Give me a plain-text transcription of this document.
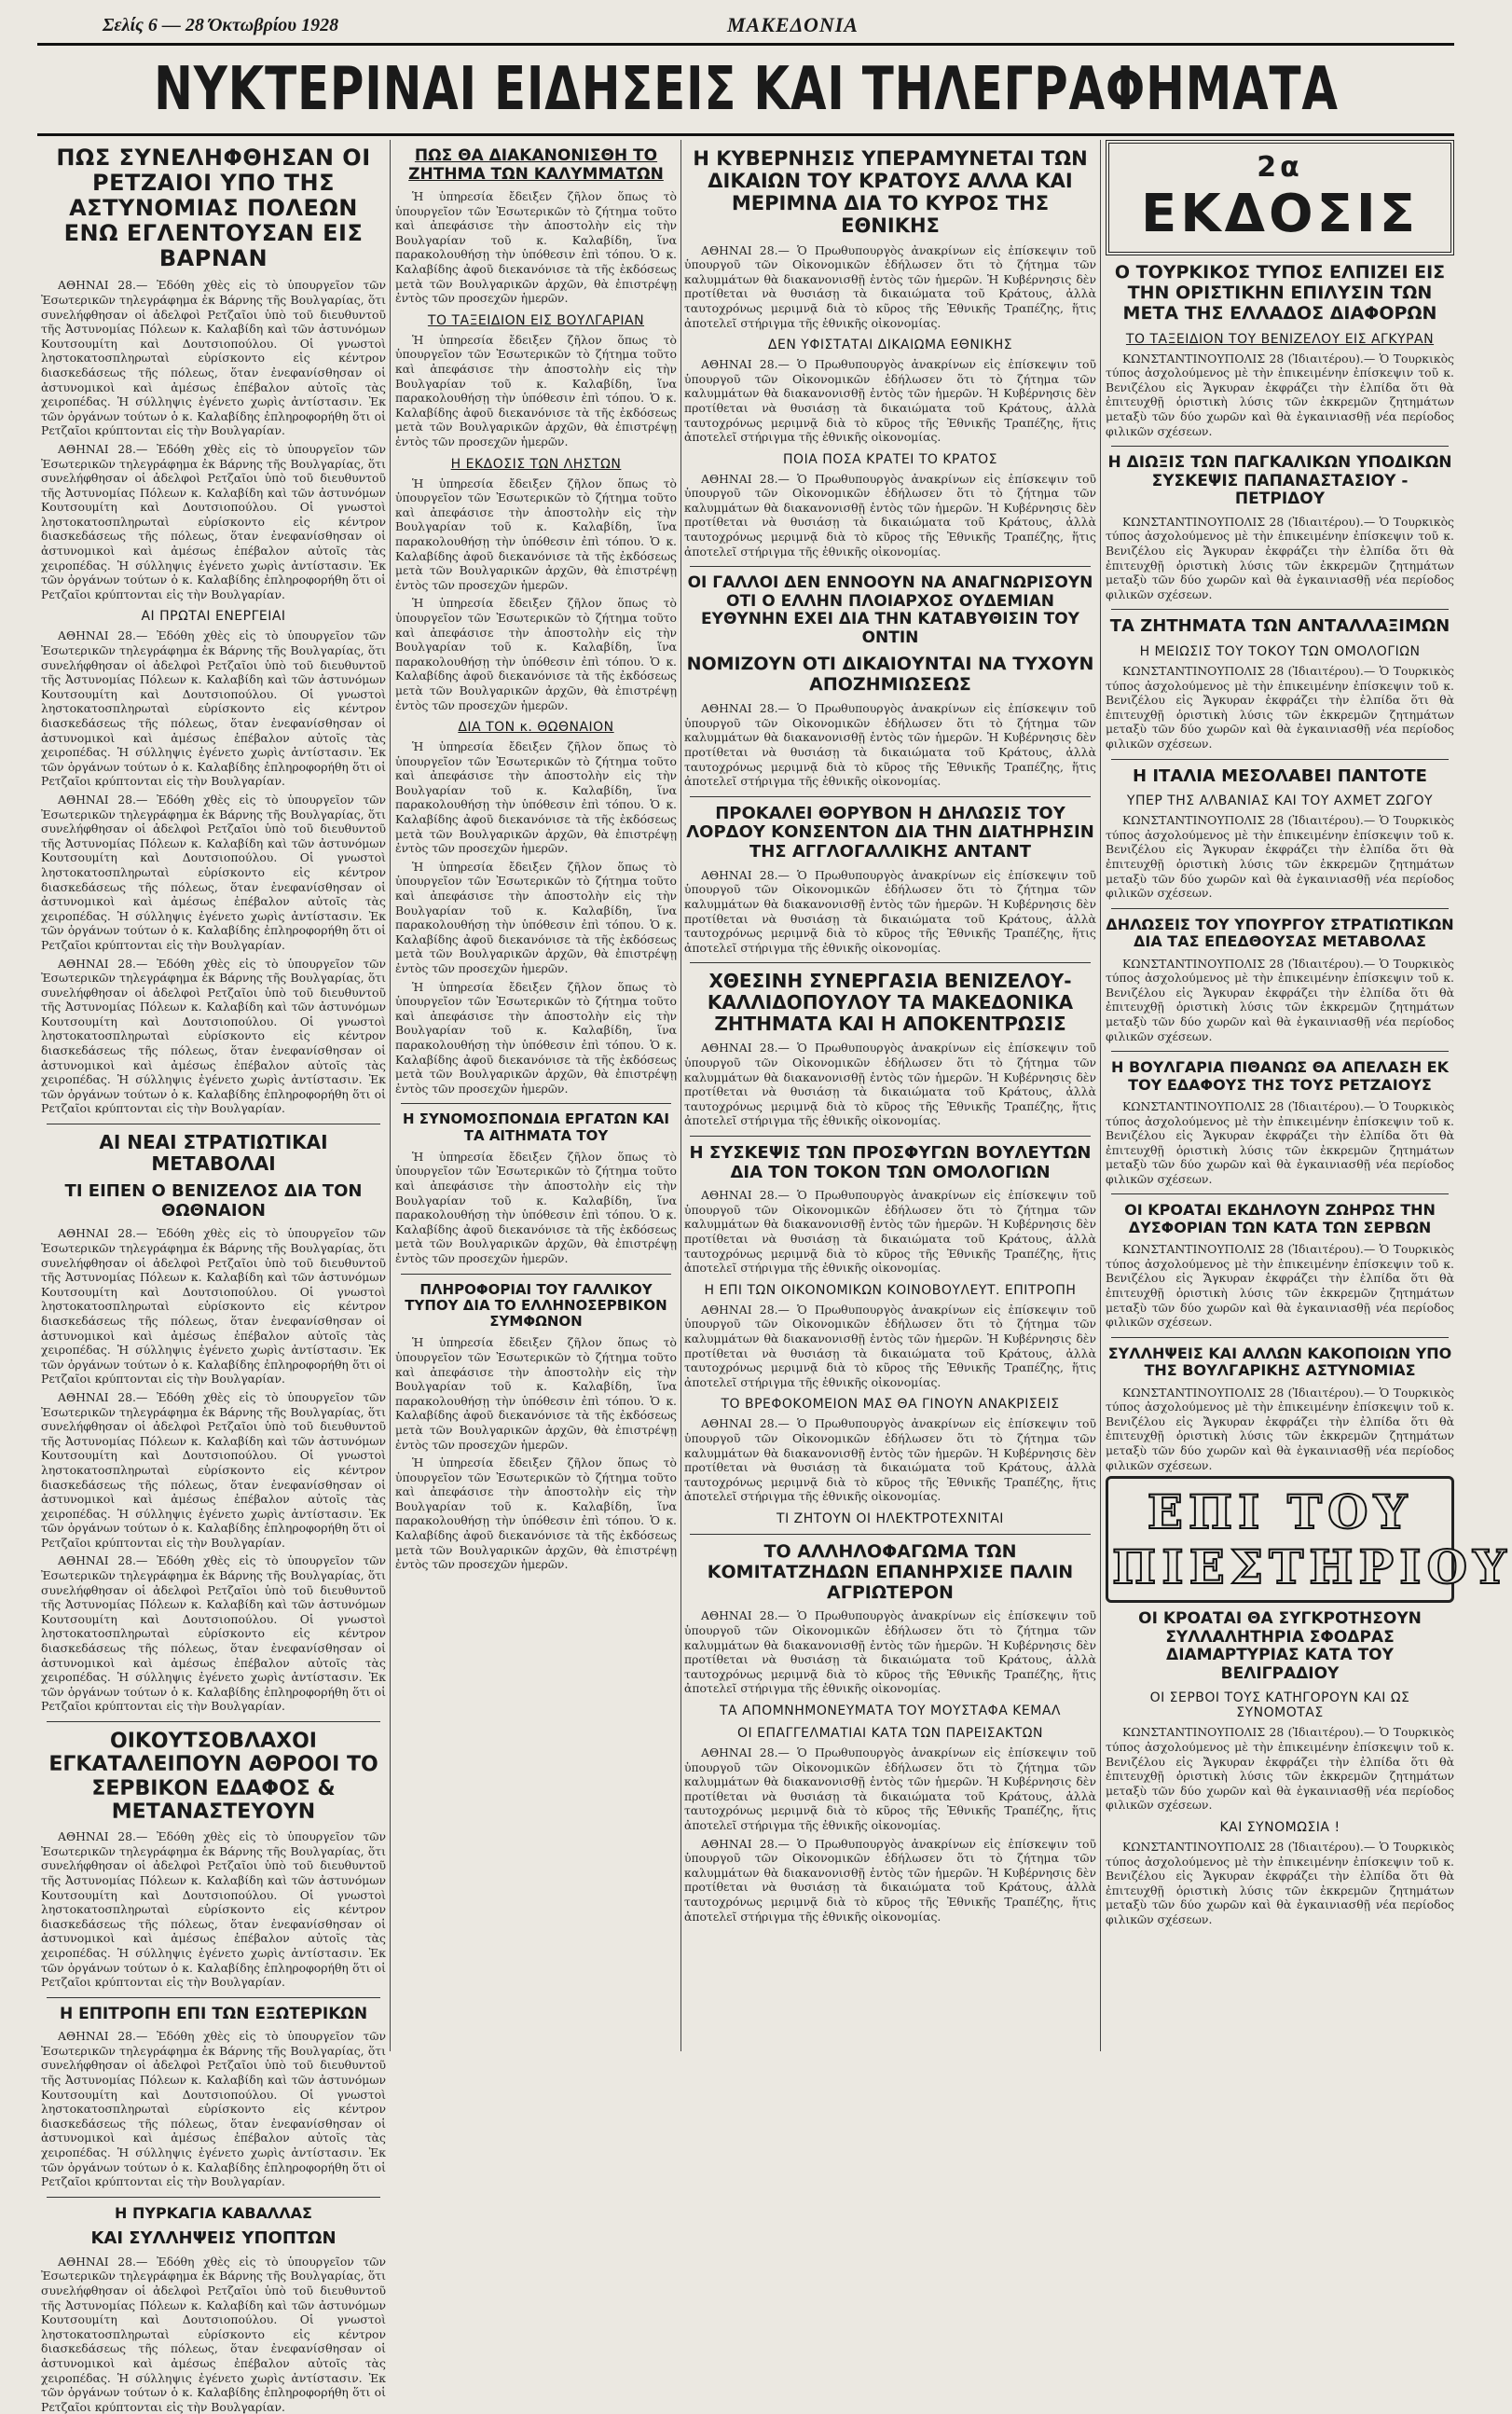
Σελίς 6 — 28 Όκτωβρίου 1928	ΜΑΚΕΔΟΝΙΑ
ΝΥΚΤΕΡΙΝΑΙ ΕΙΔΗΣΕΙΣ ΚΑΙ ΤΗΛΕΓΡΑΦΗΜΑΤΑ
ΠΩΣ ΣΥΝΕΛΗΦΘΗΣΑΝ ΟΙ ΡΕΤΖΑΙΟΙ ΥΠΟ ΤΗΣ ΑΣΤΥΝΟΜΙΑΣ ΠΟΛΕΩΝ ΕΝΩ ΕΓΛΕΝΤΟΥΣΑΝ ΕΙΣ ΒΑΡΝΑΝ

ΑΘΗΝΑΙ 28.— Ἐδόθη χθὲς εἰς τὸ ὑπουργεῖον τῶν Ἐσωτερικῶν τηλεγράφημα ἐκ Βάρνης τῆς Βουλγαρίας, ὅτι συνελήφθησαν οἱ ἀδελφοὶ Ρετζαῖοι ὑπὸ τοῦ διευθυντοῦ τῆς Ἀστυνομίας Πόλεων κ. Καλαβίδη καὶ τῶν ἀστυνόμων Κουτσουμίτη καὶ Δουτσιοπούλου. Οἱ γνωστοὶ ληστοκατοσπληρωταὶ εὑρίσκοντο εἰς κέντρον διασκεδάσεως τῆς πόλεως, ὅταν ἐνεφανίσθησαν οἱ ἀστυνομικοὶ καὶ ἀμέσως ἐπέβαλον αὐτοῖς τὰς χειροπέδας. Ἡ σύλληψις ἐγένετο χωρὶς ἀντίστασιν. Ἐκ τῶν ὀργάνων τούτων ὁ κ. Καλαβίδης ἐπληροφορήθη ὅτι οἱ Ρετζαῖοι κρύπτονται εἰς τὴν Βουλγαρίαν.

ΑΘΗΝΑΙ 28.— Ἐδόθη χθὲς εἰς τὸ ὑπουργεῖον τῶν Ἐσωτερικῶν τηλεγράφημα ἐκ Βάρνης τῆς Βουλγαρίας, ὅτι συνελήφθησαν οἱ ἀδελφοὶ Ρετζαῖοι ὑπὸ τοῦ διευθυντοῦ τῆς Ἀστυνομίας Πόλεων κ. Καλαβίδη καὶ τῶν ἀστυνόμων Κουτσουμίτη καὶ Δουτσιοπούλου. Οἱ γνωστοὶ ληστοκατοσπληρωταὶ εὑρίσκοντο εἰς κέντρον διασκεδάσεως τῆς πόλεως, ὅταν ἐνεφανίσθησαν οἱ ἀστυνομικοὶ καὶ ἀμέσως ἐπέβαλον αὐτοῖς τὰς χειροπέδας. Ἡ σύλληψις ἐγένετο χωρὶς ἀντίστασιν. Ἐκ τῶν ὀργάνων τούτων ὁ κ. Καλαβίδης ἐπληροφορήθη ὅτι οἱ Ρετζαῖοι κρύπτονται εἰς τὴν Βουλγαρίαν.

ΑΙ ΠΡΩΤΑΙ ΕΝΕΡΓΕΙΑΙ

ΑΘΗΝΑΙ 28.— Ἐδόθη χθὲς εἰς τὸ ὑπουργεῖον τῶν Ἐσωτερικῶν τηλεγράφημα ἐκ Βάρνης τῆς Βουλγαρίας, ὅτι συνελήφθησαν οἱ ἀδελφοὶ Ρετζαῖοι ὑπὸ τοῦ διευθυντοῦ τῆς Ἀστυνομίας Πόλεων κ. Καλαβίδη καὶ τῶν ἀστυνόμων Κουτσουμίτη καὶ Δουτσιοπούλου. Οἱ γνωστοὶ ληστοκατοσπληρωταὶ εὑρίσκοντο εἰς κέντρον διασκεδάσεως τῆς πόλεως, ὅταν ἐνεφανίσθησαν οἱ ἀστυνομικοὶ καὶ ἀμέσως ἐπέβαλον αὐτοῖς τὰς χειροπέδας. Ἡ σύλληψις ἐγένετο χωρὶς ἀντίστασιν. Ἐκ τῶν ὀργάνων τούτων ὁ κ. Καλαβίδης ἐπληροφορήθη ὅτι οἱ Ρετζαῖοι κρύπτονται εἰς τὴν Βουλγαρίαν.

ΑΘΗΝΑΙ 28.— Ἐδόθη χθὲς εἰς τὸ ὑπουργεῖον τῶν Ἐσωτερικῶν τηλεγράφημα ἐκ Βάρνης τῆς Βουλγαρίας, ὅτι συνελήφθησαν οἱ ἀδελφοὶ Ρετζαῖοι ὑπὸ τοῦ διευθυντοῦ τῆς Ἀστυνομίας Πόλεων κ. Καλαβίδη καὶ τῶν ἀστυνόμων Κουτσουμίτη καὶ Δουτσιοπούλου. Οἱ γνωστοὶ ληστοκατοσπληρωταὶ εὑρίσκοντο εἰς κέντρον διασκεδάσεως τῆς πόλεως, ὅταν ἐνεφανίσθησαν οἱ ἀστυνομικοὶ καὶ ἀμέσως ἐπέβαλον αὐτοῖς τὰς χειροπέδας. Ἡ σύλληψις ἐγένετο χωρὶς ἀντίστασιν. Ἐκ τῶν ὀργάνων τούτων ὁ κ. Καλαβίδης ἐπληροφορήθη ὅτι οἱ Ρετζαῖοι κρύπτονται εἰς τὴν Βουλγαρίαν.

ΑΘΗΝΑΙ 28.— Ἐδόθη χθὲς εἰς τὸ ὑπουργεῖον τῶν Ἐσωτερικῶν τηλεγράφημα ἐκ Βάρνης τῆς Βουλγαρίας, ὅτι συνελήφθησαν οἱ ἀδελφοὶ Ρετζαῖοι ὑπὸ τοῦ διευθυντοῦ τῆς Ἀστυνομίας Πόλεων κ. Καλαβίδη καὶ τῶν ἀστυνόμων Κουτσουμίτη καὶ Δουτσιοπούλου. Οἱ γνωστοὶ ληστοκατοσπληρωταὶ εὑρίσκοντο εἰς κέντρον διασκεδάσεως τῆς πόλεως, ὅταν ἐνεφανίσθησαν οἱ ἀστυνομικοὶ καὶ ἀμέσως ἐπέβαλον αὐτοῖς τὰς χειροπέδας. Ἡ σύλληψις ἐγένετο χωρὶς ἀντίστασιν. Ἐκ τῶν ὀργάνων τούτων ὁ κ. Καλαβίδης ἐπληροφορήθη ὅτι οἱ Ρετζαῖοι κρύπτονται εἰς τὴν Βουλγαρίαν.

ΑΙ ΝΕΑΙ ΣΤΡΑΤΙΩΤΙΚΑΙ ΜΕΤΑΒΟΛΑΙ
ΤΙ ΕΙΠΕΝ Ο ΒΕΝΙΖΕΛΟΣ ΔΙΑ ΤΟΝ ΘΩΘΝΑΙΟΝ

ΑΘΗΝΑΙ 28.— Ἐδόθη χθὲς εἰς τὸ ὑπουργεῖον τῶν Ἐσωτερικῶν τηλεγράφημα ἐκ Βάρνης τῆς Βουλγαρίας, ὅτι συνελήφθησαν οἱ ἀδελφοὶ Ρετζαῖοι ὑπὸ τοῦ διευθυντοῦ τῆς Ἀστυνομίας Πόλεων κ. Καλαβίδη καὶ τῶν ἀστυνόμων Κουτσουμίτη καὶ Δουτσιοπούλου. Οἱ γνωστοὶ ληστοκατοσπληρωταὶ εὑρίσκοντο εἰς κέντρον διασκεδάσεως τῆς πόλεως, ὅταν ἐνεφανίσθησαν οἱ ἀστυνομικοὶ καὶ ἀμέσως ἐπέβαλον αὐτοῖς τὰς χειροπέδας. Ἡ σύλληψις ἐγένετο χωρὶς ἀντίστασιν. Ἐκ τῶν ὀργάνων τούτων ὁ κ. Καλαβίδης ἐπληροφορήθη ὅτι οἱ Ρετζαῖοι κρύπτονται εἰς τὴν Βουλγαρίαν.

ΑΘΗΝΑΙ 28.— Ἐδόθη χθὲς εἰς τὸ ὑπουργεῖον τῶν Ἐσωτερικῶν τηλεγράφημα ἐκ Βάρνης τῆς Βουλγαρίας, ὅτι συνελήφθησαν οἱ ἀδελφοὶ Ρετζαῖοι ὑπὸ τοῦ διευθυντοῦ τῆς Ἀστυνομίας Πόλεων κ. Καλαβίδη καὶ τῶν ἀστυνόμων Κουτσουμίτη καὶ Δουτσιοπούλου. Οἱ γνωστοὶ ληστοκατοσπληρωταὶ εὑρίσκοντο εἰς κέντρον διασκεδάσεως τῆς πόλεως, ὅταν ἐνεφανίσθησαν οἱ ἀστυνομικοὶ καὶ ἀμέσως ἐπέβαλον αὐτοῖς τὰς χειροπέδας. Ἡ σύλληψις ἐγένετο χωρὶς ἀντίστασιν. Ἐκ τῶν ὀργάνων τούτων ὁ κ. Καλαβίδης ἐπληροφορήθη ὅτι οἱ Ρετζαῖοι κρύπτονται εἰς τὴν Βουλγαρίαν.

ΑΘΗΝΑΙ 28.— Ἐδόθη χθὲς εἰς τὸ ὑπουργεῖον τῶν Ἐσωτερικῶν τηλεγράφημα ἐκ Βάρνης τῆς Βουλγαρίας, ὅτι συνελήφθησαν οἱ ἀδελφοὶ Ρετζαῖοι ὑπὸ τοῦ διευθυντοῦ τῆς Ἀστυνομίας Πόλεων κ. Καλαβίδη καὶ τῶν ἀστυνόμων Κουτσουμίτη καὶ Δουτσιοπούλου. Οἱ γνωστοὶ ληστοκατοσπληρωταὶ εὑρίσκοντο εἰς κέντρον διασκεδάσεως τῆς πόλεως, ὅταν ἐνεφανίσθησαν οἱ ἀστυνομικοὶ καὶ ἀμέσως ἐπέβαλον αὐτοῖς τὰς χειροπέδας. Ἡ σύλληψις ἐγένετο χωρὶς ἀντίστασιν. Ἐκ τῶν ὀργάνων τούτων ὁ κ. Καλαβίδης ἐπληροφορήθη ὅτι οἱ Ρετζαῖοι κρύπτονται εἰς τὴν Βουλγαρίαν.

ΟΙΚΟΥΤΣΟΒΛΑΧΟΙ ΕΓΚΑΤΑΛΕΙΠΟΥΝ ΑΘΡΟΟΙ ΤΟ ΣΕΡΒΙΚΟΝ ΕΔΑΦΟΣ & ΜΕΤΑΝΑΣΤΕΥΟΥΝ

ΑΘΗΝΑΙ 28.— Ἐδόθη χθὲς εἰς τὸ ὑπουργεῖον τῶν Ἐσωτερικῶν τηλεγράφημα ἐκ Βάρνης τῆς Βουλγαρίας, ὅτι συνελήφθησαν οἱ ἀδελφοὶ Ρετζαῖοι ὑπὸ τοῦ διευθυντοῦ τῆς Ἀστυνομίας Πόλεων κ. Καλαβίδη καὶ τῶν ἀστυνόμων Κουτσουμίτη καὶ Δουτσιοπούλου. Οἱ γνωστοὶ ληστοκατοσπληρωταὶ εὑρίσκοντο εἰς κέντρον διασκεδάσεως τῆς πόλεως, ὅταν ἐνεφανίσθησαν οἱ ἀστυνομικοὶ καὶ ἀμέσως ἐπέβαλον αὐτοῖς τὰς χειροπέδας. Ἡ σύλληψις ἐγένετο χωρὶς ἀντίστασιν. Ἐκ τῶν ὀργάνων τούτων ὁ κ. Καλαβίδης ἐπληροφορήθη ὅτι οἱ Ρετζαῖοι κρύπτονται εἰς τὴν Βουλγαρίαν.

Η ΕΠΙΤΡΟΠΗ ΕΠΙ ΤΩΝ ΕΞΩΤΕΡΙΚΩΝ

ΑΘΗΝΑΙ 28.— Ἐδόθη χθὲς εἰς τὸ ὑπουργεῖον τῶν Ἐσωτερικῶν τηλεγράφημα ἐκ Βάρνης τῆς Βουλγαρίας, ὅτι συνελήφθησαν οἱ ἀδελφοὶ Ρετζαῖοι ὑπὸ τοῦ διευθυντοῦ τῆς Ἀστυνομίας Πόλεων κ. Καλαβίδη καὶ τῶν ἀστυνόμων Κουτσουμίτη καὶ Δουτσιοπούλου. Οἱ γνωστοὶ ληστοκατοσπληρωταὶ εὑρίσκοντο εἰς κέντρον διασκεδάσεως τῆς πόλεως, ὅταν ἐνεφανίσθησαν οἱ ἀστυνομικοὶ καὶ ἀμέσως ἐπέβαλον αὐτοῖς τὰς χειροπέδας. Ἡ σύλληψις ἐγένετο χωρὶς ἀντίστασιν. Ἐκ τῶν ὀργάνων τούτων ὁ κ. Καλαβίδης ἐπληροφορήθη ὅτι οἱ Ρετζαῖοι κρύπτονται εἰς τὴν Βουλγαρίαν.

Η ΠΥΡΚΑΓΙΑ ΚΑΒΑΛΛΑΣ
ΚΑΙ ΣΥΛΛΗΨΕΙΣ ΥΠΟΠΤΩΝ

ΑΘΗΝΑΙ 28.— Ἐδόθη χθὲς εἰς τὸ ὑπουργεῖον τῶν Ἐσωτερικῶν τηλεγράφημα ἐκ Βάρνης τῆς Βουλγαρίας, ὅτι συνελήφθησαν οἱ ἀδελφοὶ Ρετζαῖοι ὑπὸ τοῦ διευθυντοῦ τῆς Ἀστυνομίας Πόλεων κ. Καλαβίδη καὶ τῶν ἀστυνόμων Κουτσουμίτη καὶ Δουτσιοπούλου. Οἱ γνωστοὶ ληστοκατοσπληρωταὶ εὑρίσκοντο εἰς κέντρον διασκεδάσεως τῆς πόλεως, ὅταν ἐνεφανίσθησαν οἱ ἀστυνομικοὶ καὶ ἀμέσως ἐπέβαλον αὐτοῖς τὰς χειροπέδας. Ἡ σύλληψις ἐγένετο χωρὶς ἀντίστασιν. Ἐκ τῶν ὀργάνων τούτων ὁ κ. Καλαβίδης ἐπληροφορήθη ὅτι οἱ Ρετζαῖοι κρύπτονται εἰς τὴν Βουλγαρίαν.

ΠΩΣ ΘΑ ΔΙΑΚΑΝΟΝΙΣΘΗ ΤΟ ΖΗΤΗΜΑ ΤΩΝ ΚΑΛΥΜΜΑΤΩΝ

Ἡ ὑπηρεσία ἔδειξεν ζῆλον ὅπως τὸ ὑπουργεῖον τῶν Ἐσωτερικῶν τὸ ζήτημα τοῦτο καὶ ἀπεφάσισε τὴν ἀποστολὴν εἰς τὴν Βουλγαρίαν τοῦ κ. Καλαβίδη, ἵνα παρακολουθήσῃ τὴν ὑπόθεσιν ἐπὶ τόπου. Ὁ κ. Καλαβίδης ἀφοῦ διεκανόνισε τὰ τῆς ἐκδόσεως μετὰ τῶν Βουλγαρικῶν ἀρχῶν, θὰ ἐπιστρέψῃ ἐντὸς τῶν προσεχῶν ἡμερῶν.

ΤΟ ΤΑΞΕΙΔΙΟΝ ΕΙΣ ΒΟΥΛΓΑΡΙΑΝ

Ἡ ὑπηρεσία ἔδειξεν ζῆλον ὅπως τὸ ὑπουργεῖον τῶν Ἐσωτερικῶν τὸ ζήτημα τοῦτο καὶ ἀπεφάσισε τὴν ἀποστολὴν εἰς τὴν Βουλγαρίαν τοῦ κ. Καλαβίδη, ἵνα παρακολουθήσῃ τὴν ὑπόθεσιν ἐπὶ τόπου. Ὁ κ. Καλαβίδης ἀφοῦ διεκανόνισε τὰ τῆς ἐκδόσεως μετὰ τῶν Βουλγαρικῶν ἀρχῶν, θὰ ἐπιστρέψῃ ἐντὸς τῶν προσεχῶν ἡμερῶν.

Η ΕΚΔΟΣΙΣ ΤΩΝ ΛΗΣΤΩΝ

Ἡ ὑπηρεσία ἔδειξεν ζῆλον ὅπως τὸ ὑπουργεῖον τῶν Ἐσωτερικῶν τὸ ζήτημα τοῦτο καὶ ἀπεφάσισε τὴν ἀποστολὴν εἰς τὴν Βουλγαρίαν τοῦ κ. Καλαβίδη, ἵνα παρακολουθήσῃ τὴν ὑπόθεσιν ἐπὶ τόπου. Ὁ κ. Καλαβίδης ἀφοῦ διεκανόνισε τὰ τῆς ἐκδόσεως μετὰ τῶν Βουλγαρικῶν ἀρχῶν, θὰ ἐπιστρέψῃ ἐντὸς τῶν προσεχῶν ἡμερῶν.

Ἡ ὑπηρεσία ἔδειξεν ζῆλον ὅπως τὸ ὑπουργεῖον τῶν Ἐσωτερικῶν τὸ ζήτημα τοῦτο καὶ ἀπεφάσισε τὴν ἀποστολὴν εἰς τὴν Βουλγαρίαν τοῦ κ. Καλαβίδη, ἵνα παρακολουθήσῃ τὴν ὑπόθεσιν ἐπὶ τόπου. Ὁ κ. Καλαβίδης ἀφοῦ διεκανόνισε τὰ τῆς ἐκδόσεως μετὰ τῶν Βουλγαρικῶν ἀρχῶν, θὰ ἐπιστρέψῃ ἐντὸς τῶν προσεχῶν ἡμερῶν.

ΔΙΑ ΤΟΝ κ. ΘΩΘΝΑΙΟΝ

Ἡ ὑπηρεσία ἔδειξεν ζῆλον ὅπως τὸ ὑπουργεῖον τῶν Ἐσωτερικῶν τὸ ζήτημα τοῦτο καὶ ἀπεφάσισε τὴν ἀποστολὴν εἰς τὴν Βουλγαρίαν τοῦ κ. Καλαβίδη, ἵνα παρακολουθήσῃ τὴν ὑπόθεσιν ἐπὶ τόπου. Ὁ κ. Καλαβίδης ἀφοῦ διεκανόνισε τὰ τῆς ἐκδόσεως μετὰ τῶν Βουλγαρικῶν ἀρχῶν, θὰ ἐπιστρέψῃ ἐντὸς τῶν προσεχῶν ἡμερῶν.

Ἡ ὑπηρεσία ἔδειξεν ζῆλον ὅπως τὸ ὑπουργεῖον τῶν Ἐσωτερικῶν τὸ ζήτημα τοῦτο καὶ ἀπεφάσισε τὴν ἀποστολὴν εἰς τὴν Βουλγαρίαν τοῦ κ. Καλαβίδη, ἵνα παρακολουθήσῃ τὴν ὑπόθεσιν ἐπὶ τόπου. Ὁ κ. Καλαβίδης ἀφοῦ διεκανόνισε τὰ τῆς ἐκδόσεως μετὰ τῶν Βουλγαρικῶν ἀρχῶν, θὰ ἐπιστρέψῃ ἐντὸς τῶν προσεχῶν ἡμερῶν.

Ἡ ὑπηρεσία ἔδειξεν ζῆλον ὅπως τὸ ὑπουργεῖον τῶν Ἐσωτερικῶν τὸ ζήτημα τοῦτο καὶ ἀπεφάσισε τὴν ἀποστολὴν εἰς τὴν Βουλγαρίαν τοῦ κ. Καλαβίδη, ἵνα παρακολουθήσῃ τὴν ὑπόθεσιν ἐπὶ τόπου. Ὁ κ. Καλαβίδης ἀφοῦ διεκανόνισε τὰ τῆς ἐκδόσεως μετὰ τῶν Βουλγαρικῶν ἀρχῶν, θὰ ἐπιστρέψῃ ἐντὸς τῶν προσεχῶν ἡμερῶν.

Η ΣΥΝΟΜΟΣΠΟΝΔΙΑ ΕΡΓΑΤΩΝ ΚΑΙ ΤΑ ΑΙΤΗΜΑΤΑ ΤΟΥ

Ἡ ὑπηρεσία ἔδειξεν ζῆλον ὅπως τὸ ὑπουργεῖον τῶν Ἐσωτερικῶν τὸ ζήτημα τοῦτο καὶ ἀπεφάσισε τὴν ἀποστολὴν εἰς τὴν Βουλγαρίαν τοῦ κ. Καλαβίδη, ἵνα παρακολουθήσῃ τὴν ὑπόθεσιν ἐπὶ τόπου. Ὁ κ. Καλαβίδης ἀφοῦ διεκανόνισε τὰ τῆς ἐκδόσεως μετὰ τῶν Βουλγαρικῶν ἀρχῶν, θὰ ἐπιστρέψῃ ἐντὸς τῶν προσεχῶν ἡμερῶν.

ΠΛΗΡΟΦΟΡΙΑΙ ΤΟΥ ΓΑΛΛΙΚΟΥ ΤΥΠΟΥ ΔΙΑ ΤΟ ΕΛΛΗΝΟΣΕΡΒΙΚΟΝ ΣΥΜΦΩΝΟΝ

Ἡ ὑπηρεσία ἔδειξεν ζῆλον ὅπως τὸ ὑπουργεῖον τῶν Ἐσωτερικῶν τὸ ζήτημα τοῦτο καὶ ἀπεφάσισε τὴν ἀποστολὴν εἰς τὴν Βουλγαρίαν τοῦ κ. Καλαβίδη, ἵνα παρακολουθήσῃ τὴν ὑπόθεσιν ἐπὶ τόπου. Ὁ κ. Καλαβίδης ἀφοῦ διεκανόνισε τὰ τῆς ἐκδόσεως μετὰ τῶν Βουλγαρικῶν ἀρχῶν, θὰ ἐπιστρέψῃ ἐντὸς τῶν προσεχῶν ἡμερῶν.

Ἡ ὑπηρεσία ἔδειξεν ζῆλον ὅπως τὸ ὑπουργεῖον τῶν Ἐσωτερικῶν τὸ ζήτημα τοῦτο καὶ ἀπεφάσισε τὴν ἀποστολὴν εἰς τὴν Βουλγαρίαν τοῦ κ. Καλαβίδη, ἵνα παρακολουθήσῃ τὴν ὑπόθεσιν ἐπὶ τόπου. Ὁ κ. Καλαβίδης ἀφοῦ διεκανόνισε τὰ τῆς ἐκδόσεως μετὰ τῶν Βουλγαρικῶν ἀρχῶν, θὰ ἐπιστρέψῃ ἐντὸς τῶν προσεχῶν ἡμερῶν.

Η ΚΥΒΕΡΝΗΣΙΣ ΥΠΕΡΑΜΥΝΕΤΑΙ ΤΩΝ ΔΙΚΑΙΩΝ ΤΟΥ ΚΡΑΤΟΥΣ ΑΛΛΑ ΚΑΙ ΜΕΡΙΜΝΑ ΔΙΑ ΤΟ ΚΥΡΟΣ ΤΗΣ ΕΘΝΙΚΗΣ

ΑΘΗΝΑΙ 28.— Ὁ Πρωθυπουργὸς ἀνακρίνων εἰς ἐπίσκεψιν τοῦ ὑπουργοῦ τῶν Οἰκονομικῶν ἐδήλωσεν ὅτι τὸ ζήτημα τῶν καλυμμάτων θὰ διακανονισθῇ ἐντὸς τῶν ἡμερῶν. Ἡ Κυβέρνησις δὲν προτίθεται νὰ θυσιάσῃ τὰ δικαιώματα τοῦ Κράτους, ἀλλὰ ταυτοχρόνως μεριμνᾷ διὰ τὸ κῦρος τῆς Ἐθνικῆς Τραπέζης, ἥτις ἀποτελεῖ στήριγμα τῆς ἐθνικῆς οἰκονομίας.

ΔΕΝ ΥΦΙΣΤΑΤΑΙ ΔΙΚΑΙΩΜΑ ΕΘΝΙΚΗΣ

ΑΘΗΝΑΙ 28.— Ὁ Πρωθυπουργὸς ἀνακρίνων εἰς ἐπίσκεψιν τοῦ ὑπουργοῦ τῶν Οἰκονομικῶν ἐδήλωσεν ὅτι τὸ ζήτημα τῶν καλυμμάτων θὰ διακανονισθῇ ἐντὸς τῶν ἡμερῶν. Ἡ Κυβέρνησις δὲν προτίθεται νὰ θυσιάσῃ τὰ δικαιώματα τοῦ Κράτους, ἀλλὰ ταυτοχρόνως μεριμνᾷ διὰ τὸ κῦρος τῆς Ἐθνικῆς Τραπέζης, ἥτις ἀποτελεῖ στήριγμα τῆς ἐθνικῆς οἰκονομίας.

ΠΟΙΑ ΠΟΣΑ ΚΡΑΤΕΙ ΤΟ ΚΡΑΤΟΣ

ΑΘΗΝΑΙ 28.— Ὁ Πρωθυπουργὸς ἀνακρίνων εἰς ἐπίσκεψιν τοῦ ὑπουργοῦ τῶν Οἰκονομικῶν ἐδήλωσεν ὅτι τὸ ζήτημα τῶν καλυμμάτων θὰ διακανονισθῇ ἐντὸς τῶν ἡμερῶν. Ἡ Κυβέρνησις δὲν προτίθεται νὰ θυσιάσῃ τὰ δικαιώματα τοῦ Κράτους, ἀλλὰ ταυτοχρόνως μεριμνᾷ διὰ τὸ κῦρος τῆς Ἐθνικῆς Τραπέζης, ἥτις ἀποτελεῖ στήριγμα τῆς ἐθνικῆς οἰκονομίας.

ΟΙ ΓΑΛΛΟΙ ΔΕΝ ΕΝΝΟΟΥΝ ΝΑ ΑΝΑΓΝΩΡΙΣΟΥΝ ΟΤΙ Ο ΕΛΛΗΝ ΠΛΟΙΑΡΧΟΣ ΟΥΔΕΜΙΑΝ ΕΥΘΥΝΗΝ ΕΧΕΙ ΔΙΑ ΤΗΝ ΚΑΤΑΒΥΘΙΣΙΝ ΤΟΥ ΟΝΤΙΝ
ΝΟΜΙΖΟΥΝ ΟΤΙ ΔΙΚΑΙΟΥΝΤΑΙ ΝΑ ΤΥΧΟΥΝ ΑΠΟΖΗΜΙΩΣΕΩΣ

ΑΘΗΝΑΙ 28.— Ὁ Πρωθυπουργὸς ἀνακρίνων εἰς ἐπίσκεψιν τοῦ ὑπουργοῦ τῶν Οἰκονομικῶν ἐδήλωσεν ὅτι τὸ ζήτημα τῶν καλυμμάτων θὰ διακανονισθῇ ἐντὸς τῶν ἡμερῶν. Ἡ Κυβέρνησις δὲν προτίθεται νὰ θυσιάσῃ τὰ δικαιώματα τοῦ Κράτους, ἀλλὰ ταυτοχρόνως μεριμνᾷ διὰ τὸ κῦρος τῆς Ἐθνικῆς Τραπέζης, ἥτις ἀποτελεῖ στήριγμα τῆς ἐθνικῆς οἰκονομίας.

ΠΡΟΚΑΛΕΙ ΘΟΡΥΒΟΝ Η ΔΗΛΩΣΙΣ ΤΟΥ ΛΟΡΔΟΥ ΚΟΝΣΕΝΤΟΝ ΔΙΑ ΤΗΝ ΔΙΑΤΗΡΗΣΙΝ ΤΗΣ ΑΓΓΛΟΓΑΛΛΙΚΗΣ ΑΝΤΑΝΤ

ΑΘΗΝΑΙ 28.— Ὁ Πρωθυπουργὸς ἀνακρίνων εἰς ἐπίσκεψιν τοῦ ὑπουργοῦ τῶν Οἰκονομικῶν ἐδήλωσεν ὅτι τὸ ζήτημα τῶν καλυμμάτων θὰ διακανονισθῇ ἐντὸς τῶν ἡμερῶν. Ἡ Κυβέρνησις δὲν προτίθεται νὰ θυσιάσῃ τὰ δικαιώματα τοῦ Κράτους, ἀλλὰ ταυτοχρόνως μεριμνᾷ διὰ τὸ κῦρος τῆς Ἐθνικῆς Τραπέζης, ἥτις ἀποτελεῖ στήριγμα τῆς ἐθνικῆς οἰκονομίας.

ΧΘΕΣΙΝΗ ΣΥΝΕΡΓΑΣΙΑ ΒΕΝΙΖΕΛΟΥ-ΚΑΛΛΙΔΟΠΟΥΛΟΥ ΤΑ ΜΑΚΕΔΟΝΙΚΑ ΖΗΤΗΜΑΤΑ ΚΑΙ Η ΑΠΟΚΕΝΤΡΩΣΙΣ

ΑΘΗΝΑΙ 28.— Ὁ Πρωθυπουργὸς ἀνακρίνων εἰς ἐπίσκεψιν τοῦ ὑπουργοῦ τῶν Οἰκονομικῶν ἐδήλωσεν ὅτι τὸ ζήτημα τῶν καλυμμάτων θὰ διακανονισθῇ ἐντὸς τῶν ἡμερῶν. Ἡ Κυβέρνησις δὲν προτίθεται νὰ θυσιάσῃ τὰ δικαιώματα τοῦ Κράτους, ἀλλὰ ταυτοχρόνως μεριμνᾷ διὰ τὸ κῦρος τῆς Ἐθνικῆς Τραπέζης, ἥτις ἀποτελεῖ στήριγμα τῆς ἐθνικῆς οἰκονομίας.

Η ΣΥΣΚΕΨΙΣ ΤΩΝ ΠΡΟΣΦΥΓΩΝ ΒΟΥΛΕΥΤΩΝ ΔΙΑ ΤΟΝ ΤΟΚΟΝ ΤΩΝ ΟΜΟΛΟΓΙΩΝ

ΑΘΗΝΑΙ 28.— Ὁ Πρωθυπουργὸς ἀνακρίνων εἰς ἐπίσκεψιν τοῦ ὑπουργοῦ τῶν Οἰκονομικῶν ἐδήλωσεν ὅτι τὸ ζήτημα τῶν καλυμμάτων θὰ διακανονισθῇ ἐντὸς τῶν ἡμερῶν. Ἡ Κυβέρνησις δὲν προτίθεται νὰ θυσιάσῃ τὰ δικαιώματα τοῦ Κράτους, ἀλλὰ ταυτοχρόνως μεριμνᾷ διὰ τὸ κῦρος τῆς Ἐθνικῆς Τραπέζης, ἥτις ἀποτελεῖ στήριγμα τῆς ἐθνικῆς οἰκονομίας.

Η ΕΠΙ ΤΩΝ ΟΙΚΟΝΟΜΙΚΩΝ ΚΟΙΝΟΒΟΥΛΕΥΤ. ΕΠΙΤΡΟΠΗ

ΑΘΗΝΑΙ 28.— Ὁ Πρωθυπουργὸς ἀνακρίνων εἰς ἐπίσκεψιν τοῦ ὑπουργοῦ τῶν Οἰκονομικῶν ἐδήλωσεν ὅτι τὸ ζήτημα τῶν καλυμμάτων θὰ διακανονισθῇ ἐντὸς τῶν ἡμερῶν. Ἡ Κυβέρνησις δὲν προτίθεται νὰ θυσιάσῃ τὰ δικαιώματα τοῦ Κράτους, ἀλλὰ ταυτοχρόνως μεριμνᾷ διὰ τὸ κῦρος τῆς Ἐθνικῆς Τραπέζης, ἥτις ἀποτελεῖ στήριγμα τῆς ἐθνικῆς οἰκονομίας.

ΤΟ ΒΡΕΦΟΚΟΜΕΙΟΝ ΜΑΣ ΘΑ ΓΙΝΟΥΝ ΑΝΑΚΡΙΣΕΙΣ

ΑΘΗΝΑΙ 28.— Ὁ Πρωθυπουργὸς ἀνακρίνων εἰς ἐπίσκεψιν τοῦ ὑπουργοῦ τῶν Οἰκονομικῶν ἐδήλωσεν ὅτι τὸ ζήτημα τῶν καλυμμάτων θὰ διακανονισθῇ ἐντὸς τῶν ἡμερῶν. Ἡ Κυβέρνησις δὲν προτίθεται νὰ θυσιάσῃ τὰ δικαιώματα τοῦ Κράτους, ἀλλὰ ταυτοχρόνως μεριμνᾷ διὰ τὸ κῦρος τῆς Ἐθνικῆς Τραπέζης, ἥτις ἀποτελεῖ στήριγμα τῆς ἐθνικῆς οἰκονομίας.

ΤΙ ΖΗΤΟΥΝ ΟΙ ΗΛΕΚΤΡΟΤΕΧΝΙΤΑΙ
ΤΟ ΑΛΛΗΛΟΦΑΓΩΜΑ ΤΩΝ ΚΟΜΙΤΑΤΖΗΔΩΝ ΕΠΑΝΗΡΧΙΣΕ ΠΑΛΙΝ ΑΓΡΙΩΤΕΡΟΝ

ΑΘΗΝΑΙ 28.— Ὁ Πρωθυπουργὸς ἀνακρίνων εἰς ἐπίσκεψιν τοῦ ὑπουργοῦ τῶν Οἰκονομικῶν ἐδήλωσεν ὅτι τὸ ζήτημα τῶν καλυμμάτων θὰ διακανονισθῇ ἐντὸς τῶν ἡμερῶν. Ἡ Κυβέρνησις δὲν προτίθεται νὰ θυσιάσῃ τὰ δικαιώματα τοῦ Κράτους, ἀλλὰ ταυτοχρόνως μεριμνᾷ διὰ τὸ κῦρος τῆς Ἐθνικῆς Τραπέζης, ἥτις ἀποτελεῖ στήριγμα τῆς ἐθνικῆς οἰκονομίας.

ΤΑ ΑΠΟΜΝΗΜΟΝΕΥΜΑΤΑ ΤΟΥ ΜΟΥΣΤΑΦΑ ΚΕΜΑΛ
ΟΙ ΕΠΑΓΓΕΛΜΑΤΙΑΙ ΚΑΤΑ ΤΩΝ ΠΑΡΕΙΣΑΚΤΩΝ

ΑΘΗΝΑΙ 28.— Ὁ Πρωθυπουργὸς ἀνακρίνων εἰς ἐπίσκεψιν τοῦ ὑπουργοῦ τῶν Οἰκονομικῶν ἐδήλωσεν ὅτι τὸ ζήτημα τῶν καλυμμάτων θὰ διακανονισθῇ ἐντὸς τῶν ἡμερῶν. Ἡ Κυβέρνησις δὲν προτίθεται νὰ θυσιάσῃ τὰ δικαιώματα τοῦ Κράτους, ἀλλὰ ταυτοχρόνως μεριμνᾷ διὰ τὸ κῦρος τῆς Ἐθνικῆς Τραπέζης, ἥτις ἀποτελεῖ στήριγμα τῆς ἐθνικῆς οἰκονομίας.

ΑΘΗΝΑΙ 28.— Ὁ Πρωθυπουργὸς ἀνακρίνων εἰς ἐπίσκεψιν τοῦ ὑπουργοῦ τῶν Οἰκονομικῶν ἐδήλωσεν ὅτι τὸ ζήτημα τῶν καλυμμάτων θὰ διακανονισθῇ ἐντὸς τῶν ἡμερῶν. Ἡ Κυβέρνησις δὲν προτίθεται νὰ θυσιάσῃ τὰ δικαιώματα τοῦ Κράτους, ἀλλὰ ταυτοχρόνως μεριμνᾷ διὰ τὸ κῦρος τῆς Ἐθνικῆς Τραπέζης, ἥτις ἀποτελεῖ στήριγμα τῆς ἐθνικῆς οἰκονομίας.

2α ΕΚΔΟΣΙΣ
Ο ΤΟΥΡΚΙΚΟΣ ΤΥΠΟΣ ΕΛΠΙΖΕΙ ΕΙΣ ΤΗΝ ΟΡΙΣΤΙΚΗΝ ΕΠΙΛΥΣΙΝ ΤΩΝ ΜΕΤΑ ΤΗΣ ΕΛΛΑΔΟΣ ΔΙΑΦΟΡΩΝ
ΤΟ ΤΑΞΕΙΔΙΟΝ ΤΟΥ ΒΕΝΙΖΕΛΟΥ ΕΙΣ ΑΓΚΥΡΑΝ

ΚΩΝΣΤΑΝΤΙΝΟΥΠΟΛΙΣ 28 (Ἰδιαιτέρου).— Ὁ Τουρκικὸς τύπος ἀσχολούμενος μὲ τὴν ἐπικειμένην ἐπίσκεψιν τοῦ κ. Βενιζέλου εἰς Ἄγκυραν ἐκφράζει τὴν ἐλπίδα ὅτι θὰ ἐπιτευχθῇ ὁριστικὴ λύσις τῶν ἐκκρεμῶν ζητημάτων μεταξὺ τῶν δύο χωρῶν καὶ θὰ ἐγκαινιασθῇ νέα περίοδος φιλικῶν σχέσεων.

Η ΔΙΩΞΙΣ ΤΩΝ ΠΑΓΚΑΛΙΚΩΝ ΥΠΟΔΙΚΩΝ ΣΥΣΚΕΨΙΣ ΠΑΠΑΝΑΣΤΑΣΙΟΥ - ΠΕΤΡΙΔΟΥ

ΚΩΝΣΤΑΝΤΙΝΟΥΠΟΛΙΣ 28 (Ἰδιαιτέρου).— Ὁ Τουρκικὸς τύπος ἀσχολούμενος μὲ τὴν ἐπικειμένην ἐπίσκεψιν τοῦ κ. Βενιζέλου εἰς Ἄγκυραν ἐκφράζει τὴν ἐλπίδα ὅτι θὰ ἐπιτευχθῇ ὁριστικὴ λύσις τῶν ἐκκρεμῶν ζητημάτων μεταξὺ τῶν δύο χωρῶν καὶ θὰ ἐγκαινιασθῇ νέα περίοδος φιλικῶν σχέσεων.

ΤΑ ΖΗΤΗΜΑΤΑ ΤΩΝ ΑΝΤΑΛΛΑΞΙΜΩΝ
Η ΜΕΙΩΣΙΣ ΤΟΥ ΤΟΚΟΥ ΤΩΝ ΟΜΟΛΟΓΙΩΝ

ΚΩΝΣΤΑΝΤΙΝΟΥΠΟΛΙΣ 28 (Ἰδιαιτέρου).— Ὁ Τουρκικὸς τύπος ἀσχολούμενος μὲ τὴν ἐπικειμένην ἐπίσκεψιν τοῦ κ. Βενιζέλου εἰς Ἄγκυραν ἐκφράζει τὴν ἐλπίδα ὅτι θὰ ἐπιτευχθῇ ὁριστικὴ λύσις τῶν ἐκκρεμῶν ζητημάτων μεταξὺ τῶν δύο χωρῶν καὶ θὰ ἐγκαινιασθῇ νέα περίοδος φιλικῶν σχέσεων.

Η ΙΤΑΛΙΑ ΜΕΣΟΛΑΒΕΙ ΠΑΝΤΟΤΕ
ΥΠΕΡ ΤΗΣ ΑΛΒΑΝΙΑΣ ΚΑΙ ΤΟΥ ΑΧΜΕΤ ΖΩΓΟΥ

ΚΩΝΣΤΑΝΤΙΝΟΥΠΟΛΙΣ 28 (Ἰδιαιτέρου).— Ὁ Τουρκικὸς τύπος ἀσχολούμενος μὲ τὴν ἐπικειμένην ἐπίσκεψιν τοῦ κ. Βενιζέλου εἰς Ἄγκυραν ἐκφράζει τὴν ἐλπίδα ὅτι θὰ ἐπιτευχθῇ ὁριστικὴ λύσις τῶν ἐκκρεμῶν ζητημάτων μεταξὺ τῶν δύο χωρῶν καὶ θὰ ἐγκαινιασθῇ νέα περίοδος φιλικῶν σχέσεων.

ΔΗΛΩΣΕΙΣ ΤΟΥ ΥΠΟΥΡΓΟΥ ΣΤΡΑΤΙΩΤΙΚΩΝ ΔΙΑ ΤΑΣ ΕΠΕΔΘΟΥΣΑΣ ΜΕΤΑΒΟΛΑΣ

ΚΩΝΣΤΑΝΤΙΝΟΥΠΟΛΙΣ 28 (Ἰδιαιτέρου).— Ὁ Τουρκικὸς τύπος ἀσχολούμενος μὲ τὴν ἐπικειμένην ἐπίσκεψιν τοῦ κ. Βενιζέλου εἰς Ἄγκυραν ἐκφράζει τὴν ἐλπίδα ὅτι θὰ ἐπιτευχθῇ ὁριστικὴ λύσις τῶν ἐκκρεμῶν ζητημάτων μεταξὺ τῶν δύο χωρῶν καὶ θὰ ἐγκαινιασθῇ νέα περίοδος φιλικῶν σχέσεων.

Η ΒΟΥΛΓΑΡΙΑ ΠΙΘΑΝΩΣ ΘΑ ΑΠΕΛΑΣΗ ΕΚ ΤΟΥ ΕΔΑΦΟΥΣ ΤΗΣ ΤΟΥΣ ΡΕΤΖΑΙΟΥΣ

ΚΩΝΣΤΑΝΤΙΝΟΥΠΟΛΙΣ 28 (Ἰδιαιτέρου).— Ὁ Τουρκικὸς τύπος ἀσχολούμενος μὲ τὴν ἐπικειμένην ἐπίσκεψιν τοῦ κ. Βενιζέλου εἰς Ἄγκυραν ἐκφράζει τὴν ἐλπίδα ὅτι θὰ ἐπιτευχθῇ ὁριστικὴ λύσις τῶν ἐκκρεμῶν ζητημάτων μεταξὺ τῶν δύο χωρῶν καὶ θὰ ἐγκαινιασθῇ νέα περίοδος φιλικῶν σχέσεων.

ΟΙ ΚΡΟΑΤΑΙ ΕΚΔΗΛΟΥΝ ΖΩΗΡΩΣ ΤΗΝ ΔΥΣΦΟΡΙΑΝ ΤΩΝ ΚΑΤΑ ΤΩΝ ΣΕΡΒΩΝ

ΚΩΝΣΤΑΝΤΙΝΟΥΠΟΛΙΣ 28 (Ἰδιαιτέρου).— Ὁ Τουρκικὸς τύπος ἀσχολούμενος μὲ τὴν ἐπικειμένην ἐπίσκεψιν τοῦ κ. Βενιζέλου εἰς Ἄγκυραν ἐκφράζει τὴν ἐλπίδα ὅτι θὰ ἐπιτευχθῇ ὁριστικὴ λύσις τῶν ἐκκρεμῶν ζητημάτων μεταξὺ τῶν δύο χωρῶν καὶ θὰ ἐγκαινιασθῇ νέα περίοδος φιλικῶν σχέσεων.

ΣΥΛΛΗΨΕΙΣ ΚΑΙ ΑΛΛΩΝ ΚΑΚΟΠΟΙΩΝ ΥΠΟ ΤΗΣ ΒΟΥΛΓΑΡΙΚΗΣ ΑΣΤΥΝΟΜΙΑΣ

ΚΩΝΣΤΑΝΤΙΝΟΥΠΟΛΙΣ 28 (Ἰδιαιτέρου).— Ὁ Τουρκικὸς τύπος ἀσχολούμενος μὲ τὴν ἐπικειμένην ἐπίσκεψιν τοῦ κ. Βενιζέλου εἰς Ἄγκυραν ἐκφράζει τὴν ἐλπίδα ὅτι θὰ ἐπιτευχθῇ ὁριστικὴ λύσις τῶν ἐκκρεμῶν ζητημάτων μεταξὺ τῶν δύο χωρῶν καὶ θὰ ἐγκαινιασθῇ νέα περίοδος φιλικῶν σχέσεων.

ΕΠΙ ΤΟΥ ΠΙΕΣΤΗΡΙΟΥ
ΟΙ ΚΡΟΑΤΑΙ ΘΑ ΣΥΓΚΡΟΤΗΣΟΥΝ ΣΥΛΛΑΛΗΤΗΡΙΑ ΣΦΟΔΡΑΣ ΔΙΑΜΑΡΤΥΡΙΑΣ ΚΑΤΑ ΤΟΥ ΒΕΛΙΓΡΑΔΙΟΥ
ΟΙ ΣΕΡΒΟΙ ΤΟΥΣ ΚΑΤΗΓΟΡΟΥΝ ΚΑΙ ΩΣ ΣΥΝΟΜΟΤΑΣ

ΚΩΝΣΤΑΝΤΙΝΟΥΠΟΛΙΣ 28 (Ἰδιαιτέρου).— Ὁ Τουρκικὸς τύπος ἀσχολούμενος μὲ τὴν ἐπικειμένην ἐπίσκεψιν τοῦ κ. Βενιζέλου εἰς Ἄγκυραν ἐκφράζει τὴν ἐλπίδα ὅτι θὰ ἐπιτευχθῇ ὁριστικὴ λύσις τῶν ἐκκρεμῶν ζητημάτων μεταξὺ τῶν δύο χωρῶν καὶ θὰ ἐγκαινιασθῇ νέα περίοδος φιλικῶν σχέσεων.

ΚΑΙ ΣΥΝΟΜΩΣΙΑ !

ΚΩΝΣΤΑΝΤΙΝΟΥΠΟΛΙΣ 28 (Ἰδιαιτέρου).— Ὁ Τουρκικὸς τύπος ἀσχολούμενος μὲ τὴν ἐπικειμένην ἐπίσκεψιν τοῦ κ. Βενιζέλου εἰς Ἄγκυραν ἐκφράζει τὴν ἐλπίδα ὅτι θὰ ἐπιτευχθῇ ὁριστικὴ λύσις τῶν ἐκκρεμῶν ζητημάτων μεταξὺ τῶν δύο χωρῶν καὶ θὰ ἐγκαινιασθῇ νέα περίοδος φιλικῶν σχέσεων.
